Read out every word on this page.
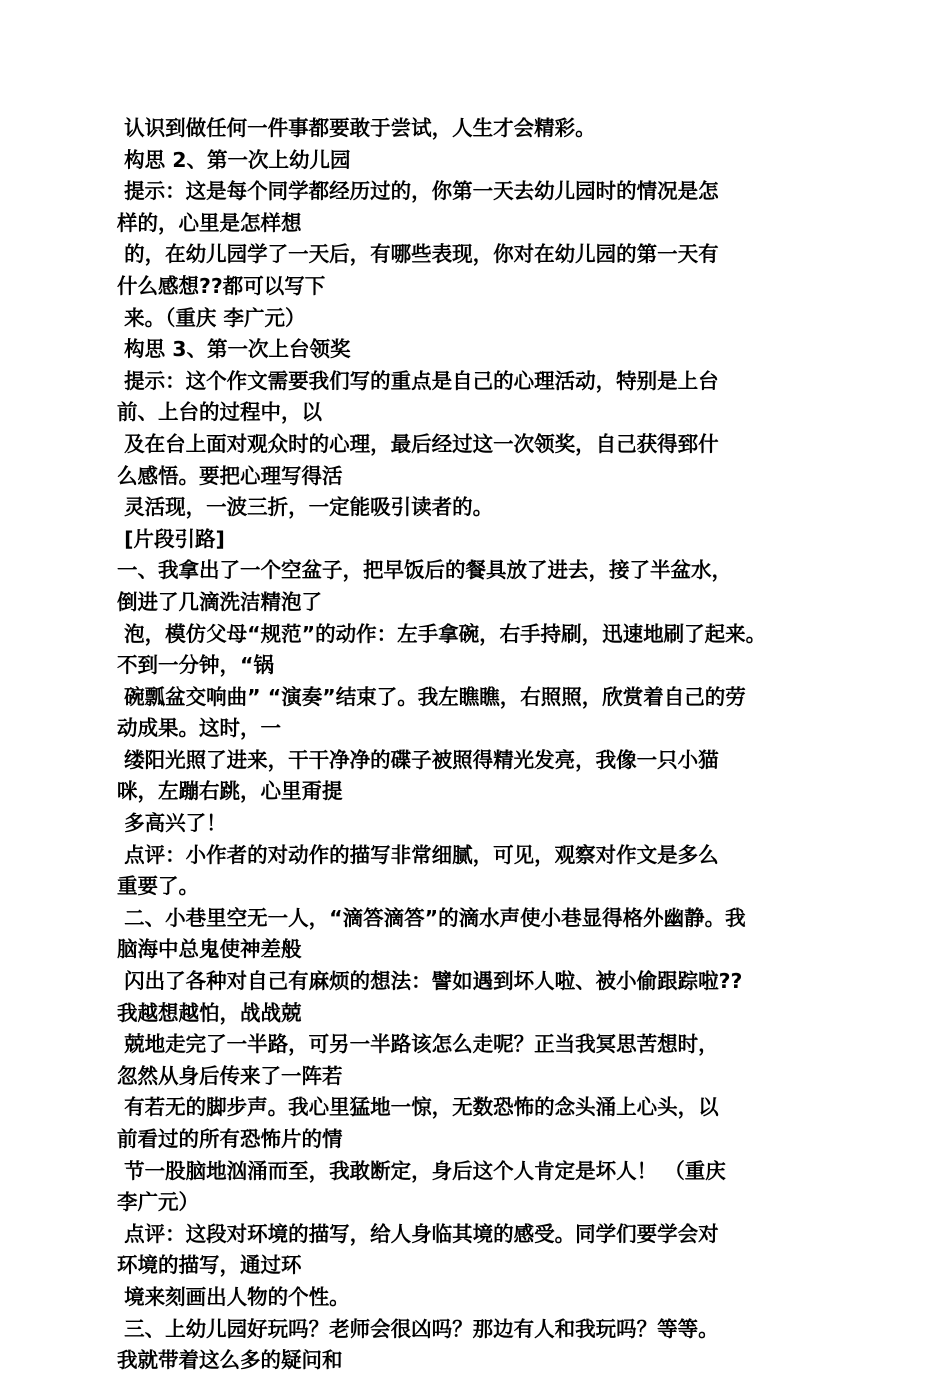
认识到做任何一件事都要敢于尝试，人生才会精彩。
构思 2、第一次上幼儿园
提示：这是每个同学都经历过的，你第一天去幼儿园时的情况是怎
样的，心里是怎样想
的，在幼儿园学了一天后，有哪些表现，你对在幼儿园的第一天有
什么感想??都可以写下
来。（重庆 李广元）
构思 3、第一次上台领奖
提示：这个作文需要我们写的重点是自己的心理活动，特别是上台
前、上台的过程中，以
及在台上面对观众时的心理，最后经过这一次领奖，自己获得郅什
么感悟。要把心理写得活
灵活现，一波三折，一定能吸引读者的。
[片段引路]
一、我拿出了一个空盆子，把早饭后的餐具放了进去，接了半盆水，
倒进了几滴洗洁精泡了
泡，模仿父母“规范”的动作：左手拿碗，右手持刷，迅速地刷了起来。
不到一分钟，“锅
碗瓢盆交响曲” “演奏”结束了。我左瞧瞧，右照照，欣赏着自己的劳
动成果。这时，一
缕阳光照了进来，干干净净的碟子被照得精光发亮，我像一只小猫
咪，左蹦右跳，心里甭提
多高兴了！
点评：小作者的对动作的描写非常细腻，可见，观察对作文是多么
重要了。
二、小巷里空无一人，“滴答滴答”的滴水声使小巷显得格外幽静。我
脑海中总鬼使神差般
闪出了各种对自己有麻烦的想法：譬如遇到坏人啦、被小偷跟踪啦??
我越想越怕，战战兢
兢地走完了一半路，可另一半路该怎么走呢？正当我冥思苦想时，
忽然从身后传来了一阵若
有若无的脚步声。我心里猛地一惊，无数恐怖的念头涌上心头，以
前看过的所有恐怖片的情
节一股脑地汹涌而至，我敢断定，身后这个人肯定是坏人！ （重庆
李广元）
点评：这段对环境的描写，给人身临其境的感受。同学们要学会对
环境的描写，通过环
境来刻画出人物的个性。
三、上幼儿园好玩吗？老师会很凶吗？那边有人和我玩吗？等等。
我就带着这么多的疑问和
